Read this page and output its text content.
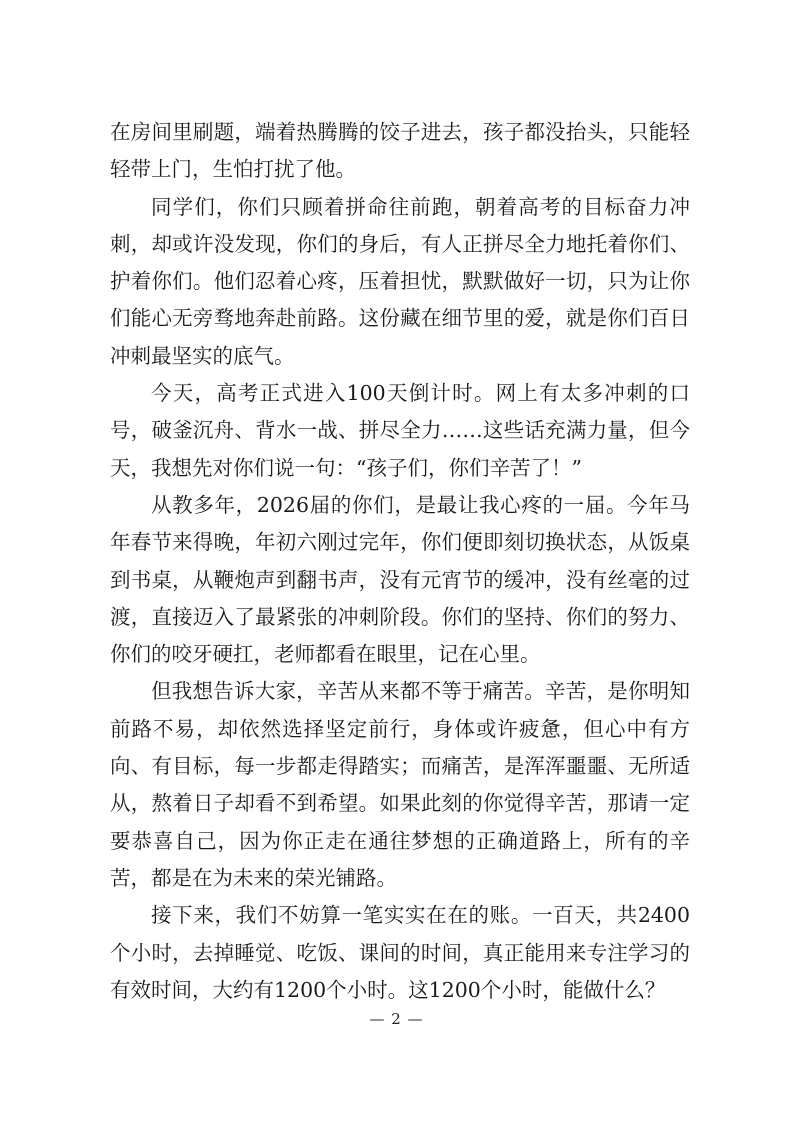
在房间里刷题，端着热腾腾的饺子进去，孩子都没抬头，只能轻轻带上门，生怕打扰了他。

同学们，你们只顾着拼命往前跑，朝着高考的目标奋力冲刺，却或许没发现，你们的身后，有人正拼尽全力地托着你们、护着你们。他们忍着心疼，压着担忧，默默做好一切，只为让你们能心无旁骛地奔赴前路。这份藏在细节里的爱，就是你们百日冲刺最坚实的底气。

今天，高考正式进入100天倒计时。网上有太多冲刺的口号，破釜沉舟、背水一战、拼尽全力……这些话充满力量，但今天，我想先对你们说一句：“孩子们，你们辛苦了！”

从教多年，2026届的你们，是最让我心疼的一届。今年马年春节来得晚，年初六刚过完年，你们便即刻切换状态，从饭桌到书桌，从鞭炮声到翻书声，没有元宵节的缓冲，没有丝毫的过渡，直接迈入了最紧张的冲刺阶段。你们的坚持、你们的努力、你们的咬牙硬扛，老师都看在眼里，记在心里。

但我想告诉大家，辛苦从来都不等于痛苦。辛苦，是你明知前路不易，却依然选择坚定前行，身体或许疲惫，但心中有方向、有目标，每一步都走得踏实；而痛苦，是浑浑噩噩、无所适从，熬着日子却看不到希望。如果此刻的你觉得辛苦，那请一定要恭喜自己，因为你正走在通往梦想的正确道路上，所有的辛苦，都是在为未来的荣光铺路。

接下来，我们不妨算一笔实实在在的账。一百天，共2400个小时，去掉睡觉、吃饭、课间的时间，真正能用来专注学习的有效时间，大约有1200个小时。这1200个小时，能做什么？

— 2 —
